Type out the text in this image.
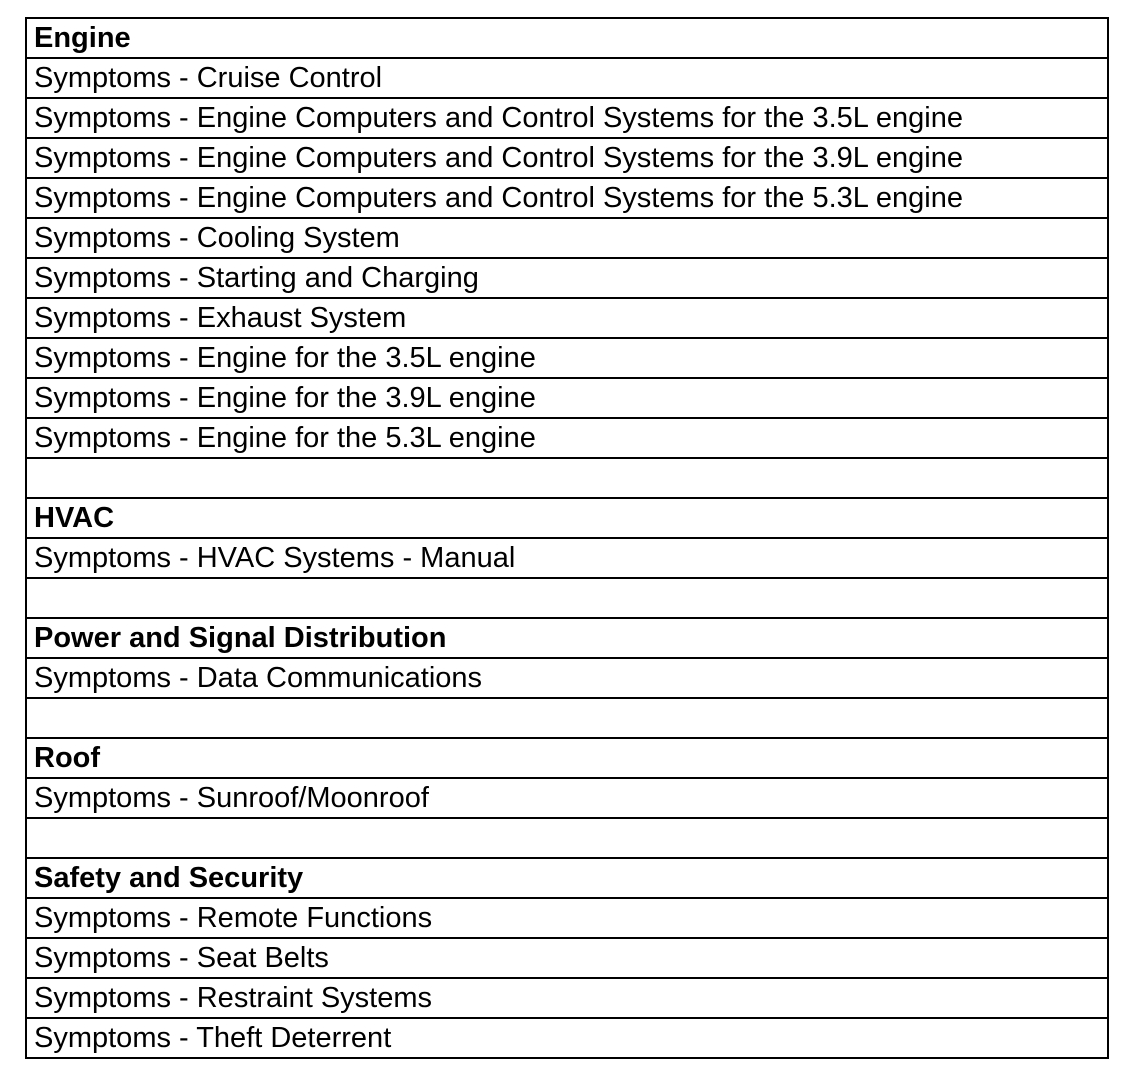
Engine
Symptoms - Cruise Control
Symptoms - Engine Computers and Control Systems for the 3.5L engine
Symptoms - Engine Computers and Control Systems for the 3.9L engine
Symptoms - Engine Computers and Control Systems for the 5.3L engine
Symptoms - Cooling System
Symptoms - Starting and Charging
Symptoms - Exhaust System
Symptoms - Engine for the 3.5L engine
Symptoms - Engine for the 3.9L engine
Symptoms - Engine for the 5.3L engine

HVAC
Symptoms - HVAC Systems - Manual

Power and Signal Distribution
Symptoms - Data Communications

Roof
Symptoms - Sunroof/Moonroof

Safety and Security
Symptoms - Remote Functions
Symptoms - Seat Belts
Symptoms - Restraint Systems
Symptoms - Theft Deterrent
